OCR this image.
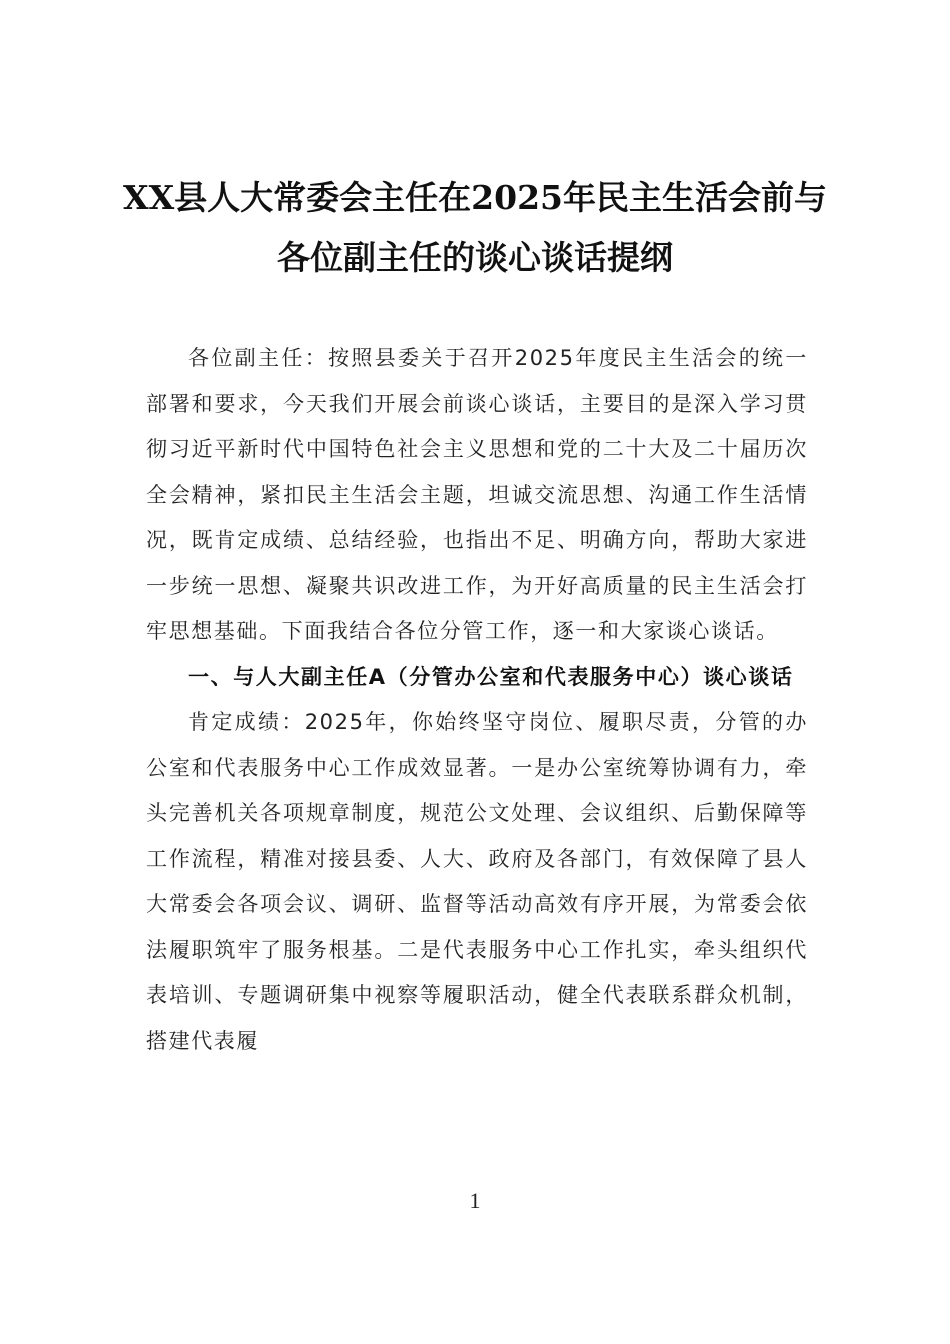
XX县人大常委会主任在2025年民主生活会前与各位副主任的谈心谈话提纲

各位副主任：按照县委关于召开2025年度民主生活会的统一部署和要求，今天我们开展会前谈心谈话，主要目的是深入学习贯彻习近平新时代中国特色社会主义思想和党的二十大及二十届历次全会精神，紧扣民主生活会主题，坦诚交流思想、沟通工作生活情况，既肯定成绩、总结经验，也指出不足、明确方向，帮助大家进一步统一思想、凝聚共识改进工作，为开好高质量的民主生活会打牢思想基础。下面我结合各位分管工作，逐一和大家谈心谈话。

一、与人大副主任A（分管办公室和代表服务中心）谈心谈话

肯定成绩：2025年，你始终坚守岗位、履职尽责，分管的办公室和代表服务中心工作成效显著。一是办公室统筹协调有力，牵头完善机关各项规章制度，规范公文处理、会议组织、后勤保障等工作流程，精准对接县委、人大、政府及各部门，有效保障了县人大常委会各项会议、调研、监督等活动高效有序开展，为常委会依法履职筑牢了服务根基。二是代表服务中心工作扎实，牵头组织代表培训、专题调研集中视察等履职活动，健全代表联系群众机制，搭建代表履

1
